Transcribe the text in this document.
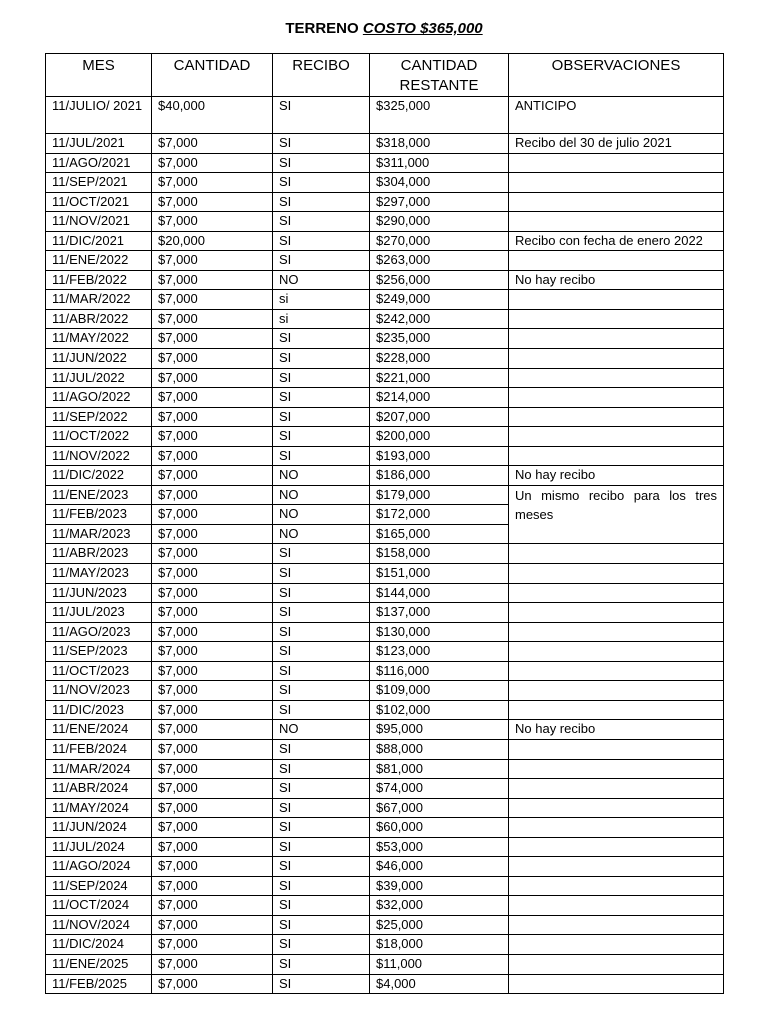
TERRENO COSTO $365,000
MES	CANTIDAD	RECIBO	CANTIDAD RESTANTE	OBSERVACIONES
11/JULIO/ 2021	$40,000	SI	$325,000	ANTICIPO
11/JUL/2021	$7,000	SI	$318,000	Recibo del 30 de julio 2021
11/AGO/2021	$7,000	SI	$311,000	
11/SEP/2021	$7,000	SI	$304,000	
11/OCT/2021	$7,000	SI	$297,000	
11/NOV/2021	$7,000	SI	$290,000	
11/DIC/2021	$20,000	SI	$270,000	Recibo con fecha de enero 2022
11/ENE/2022	$7,000	SI	$263,000	
11/FEB/2022	$7,000	NO	$256,000	No hay recibo
11/MAR/2022	$7,000	si	$249,000	
11/ABR/2022	$7,000	si	$242,000	
11/MAY/2022	$7,000	SI	$235,000	
11/JUN/2022	$7,000	SI	$228,000	
11/JUL/2022	$7,000	SI	$221,000	
11/AGO/2022	$7,000	SI	$214,000	
11/SEP/2022	$7,000	SI	$207,000	
11/OCT/2022	$7,000	SI	$200,000	
11/NOV/2022	$7,000	SI	$193,000	
11/DIC/2022	$7,000	NO	$186,000	No hay recibo
11/ENE/2023	$7,000	NO	$179,000	Un mismo recibo para los tres meses
11/FEB/2023	$7,000	NO	$172,000	
11/MAR/2023	$7,000	NO	$165,000	
11/ABR/2023	$7,000	SI	$158,000	
11/MAY/2023	$7,000	SI	$151,000	
11/JUN/2023	$7,000	SI	$144,000	
11/JUL/2023	$7,000	SI	$137,000	
11/AGO/2023	$7,000	SI	$130,000	
11/SEP/2023	$7,000	SI	$123,000	
11/OCT/2023	$7,000	SI	$116,000	
11/NOV/2023	$7,000	SI	$109,000	
11/DIC/2023	$7,000	SI	$102,000	
11/ENE/2024	$7,000	NO	$95,000	No hay recibo
11/FEB/2024	$7,000	SI	$88,000	
11/MAR/2024	$7,000	SI	$81,000	
11/ABR/2024	$7,000	SI	$74,000	
11/MAY/2024	$7,000	SI	$67,000	
11/JUN/2024	$7,000	SI	$60,000	
11/JUL/2024	$7,000	SI	$53,000	
11/AGO/2024	$7,000	SI	$46,000	
11/SEP/2024	$7,000	SI	$39,000	
11/OCT/2024	$7,000	SI	$32,000	
11/NOV/2024	$7,000	SI	$25,000	
11/DIC/2024	$7,000	SI	$18,000	
11/ENE/2025	$7,000	SI	$11,000	
11/FEB/2025	$7,000	SI	$4,000	
